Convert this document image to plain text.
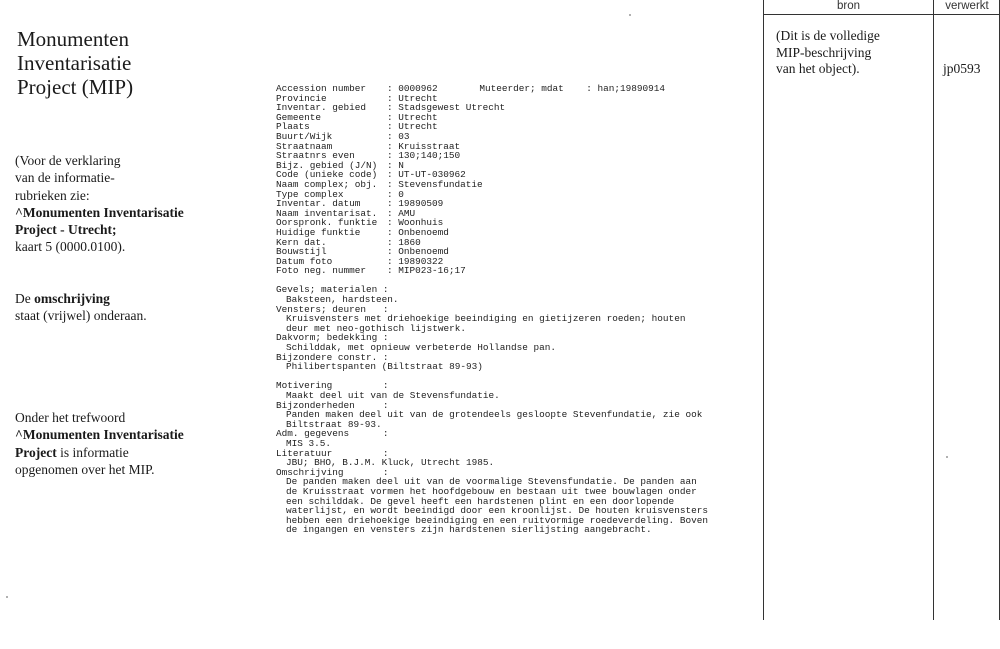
Monumenten
Inventarisatie
Project (MIP)
(Voor de verklaring
van de informatie-
rubrieken zie:
^Monumenten Inventarisatie
Project - Utrecht;
kaart 5 (0000.0100).
De omschrijving
staat (vrijwel) onderaan.
Onder het trefwoord
^Monumenten Inventarisatie
Project is informatie
opgenomen over het MIP.
Accession number : 0000962      Muteerder; mdat    : han;19890914
Provincie	: Utrecht
Inventar. gebied : Stadsgewest Utrecht
Gemeente	: Utrecht
Plaats	: Utrecht
Buurt/Wijk	: 03
Straatnaam	: Kruisstraat
Straatnrs even	: 130;140;150
Bijz. gebied (J/N) : N
Code (unieke code) : UT-UT-030962
Naam complex; obj. : Stevensfundatie
Type complex	: 0
Inventar. datum	: 19890509
Naam inventarisat. : AMU
Oorspronk. funktie : Woonhuis
Huidige funktie	: Onbenoemd
Kern dat.	: 1860
Bouwstijl	: Onbenoemd
Datum foto	: 19890322
Foto neg. nummer : MIP023-16;17
Gevels; materialen :
Baksteen, hardsteen.
Vensters; deuren   :
Kruisvensters met driehoekige beeindiging en gietijzeren roeden; houten
deur met neo-gothisch lijstwerk.
Dakvorm; bedekking :
Schilddak, met opnieuw verbeterde Hollandse pan.
Bijzondere constr. :
Philibertspanten (Biltstraat 89-93)
Motivering         :
Maakt deel uit van de Stevensfundatie.
Bijzonderheden     :
Panden maken deel uit van de grotendeels gesloopte Stevenfundatie, zie ook
Biltstraat 89-93.
Adm. gegevens      :
MIS 3.5.
Literatuur         :
JBU; BHO, B.J.M. Kluck, Utrecht 1985.
Omschrijving       :
De panden maken deel uit van de voormalige Stevensfundatie. De panden aan
de Kruisstraat vormen het hoofdgebouw en bestaan uit twee bouwlagen onder
een schilddak. De gevel heeft een hardstenen plint en een doorlopende
waterlijst, en wordt beeindigd door een kroonlijst. De houten kruisvensters
hebben een driehoekige beeindiging en een ruitvormige roedeverdeling. Boven
de ingangen en vensters zijn hardstenen sierlijsting aangebracht.
bron	verwerkt
(Dit is de volledige
MIP-beschrijving
van het object).	jp0593
